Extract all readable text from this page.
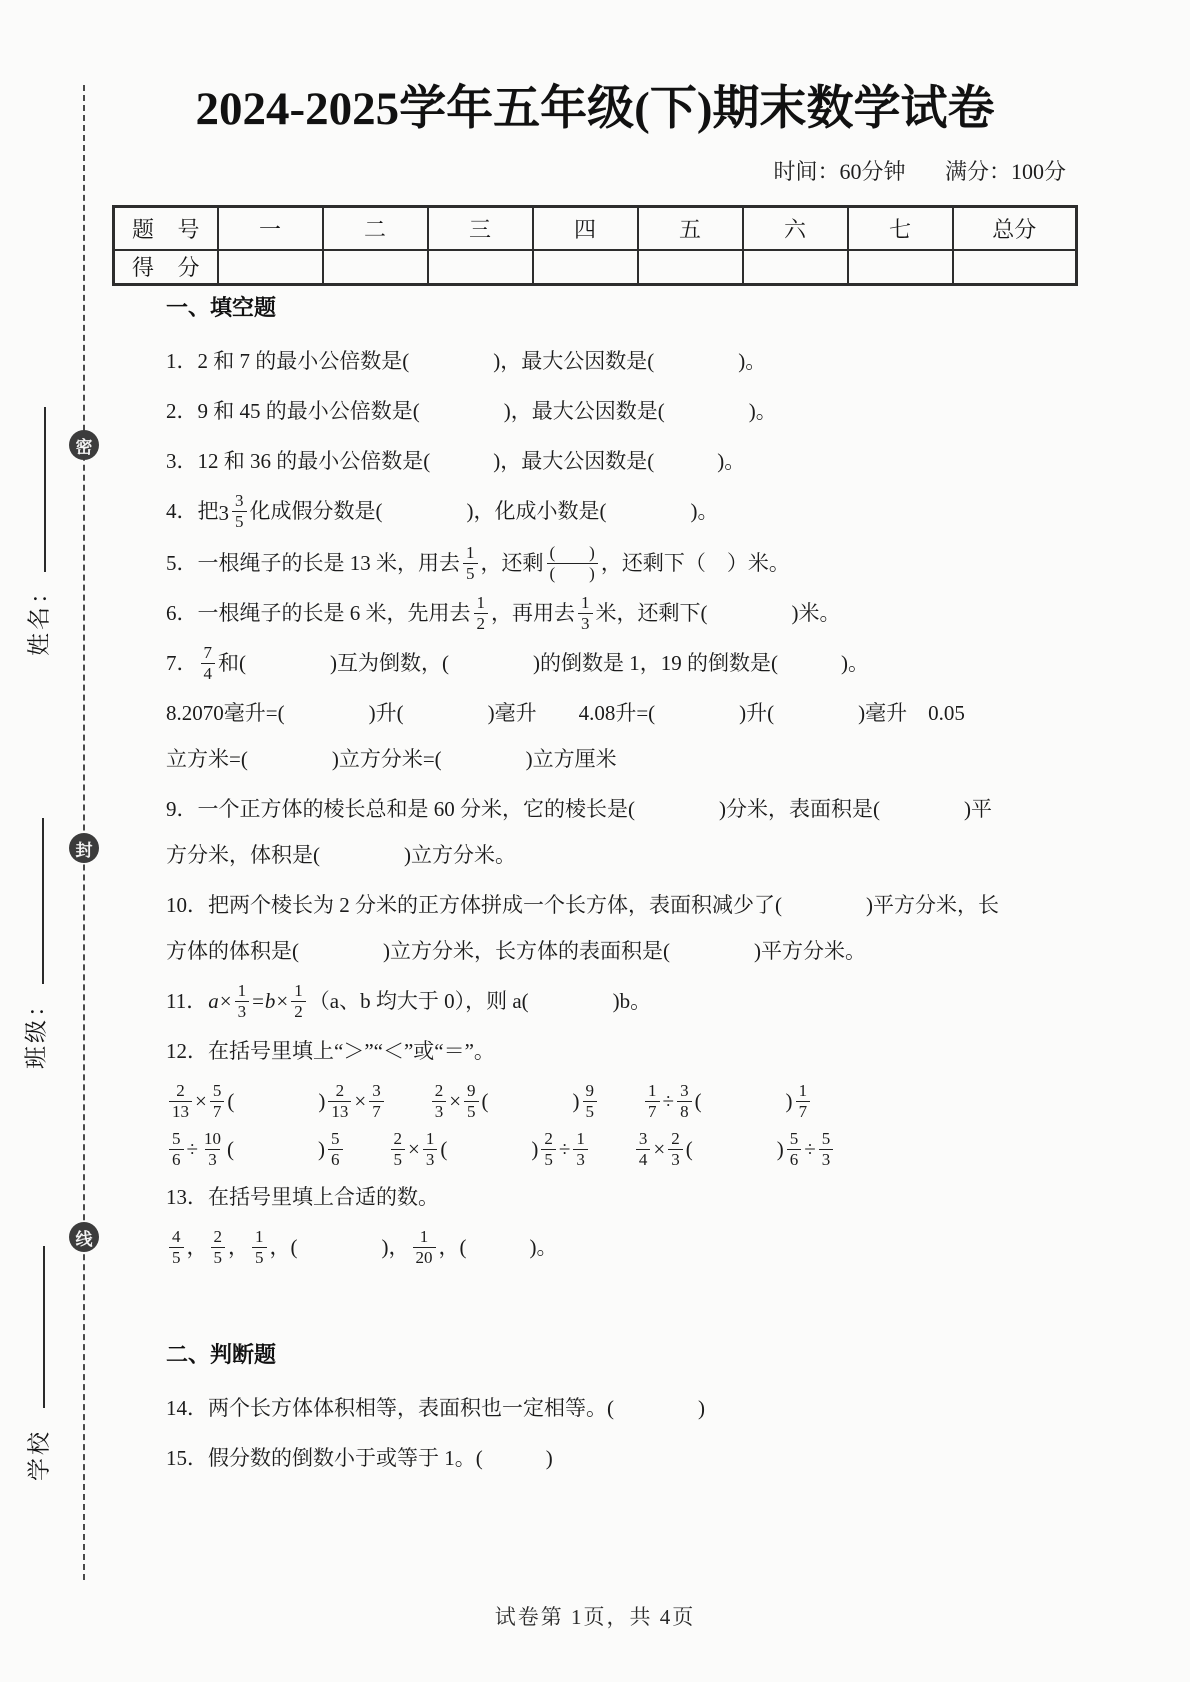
密
封
线
姓名：
班级：
学校
2024-2025学年五年级(下)期末数学试卷
时间：60分钟 满分：100分
题 号	一	二	三	四	五	六	七	总分
得 分								
一、填空题
1．2 和 7 的最小公倍数是(　　　　)，最大公因数是(　　　　)。
2．9 和 45 的最小公倍数是(　　　　)，最大公因数是(　　　　)。
3．12 和 36 的最小公倍数是(　　　)，最大公因数是(　　　)。
4．把 $3 \frac{3}{5}$ 化成假分数是(　　　　)，化成小数是(　　　　)。
5．一根绳子的长是 13 米，用去 $\frac{1}{5}$ ，还剩 $\frac{( )}{( )}$ ，还剩下（　）米。
6．一根绳子的长是 6 米，先用去 $\frac{1}{2}$ ，再用去 $\frac{1}{3}$ 米，还剩下(　　　　)米。
7． $\frac{7}{4}$ 和(　　　　)互为倒数，(　　　　)的倒数是 1，19 的倒数是(　　　)。
8.2070毫升=(　　　　)升(　　　　)毫升　　4.08升=(　　　　)升(　　　　)毫升　0.05
立方米=(　　　　)立方分米=(　　　　)立方厘米
9．一个正方体的棱长总和是 60 分米，它的棱长是(　　　　)分米，表面积是(　　　　)平
方分米，体积是(　　　　)立方分米。
10．把两个棱长为 2 分米的正方体拼成一个长方体，表面积减少了(　　　　)平方分米，长
方体的体积是(　　　　)立方分米，长方体的表面积是(　　　　)平方分米。
11．$a\times \frac{1}{3} =b\times \frac{1}{2} (a$、b 均大于 0），则 a(　　　　)b。
12．在括号里填上“＞”“＜”或“＝”。
$\frac{2}{13} \times \frac{5}{7}$ (　　　　) $\frac{2}{13} \times \frac{3}{7}$
　　	$\frac{2}{3} \times \frac{9}{5}$ (　　　　) $\frac{9}{5}$
　　	$\frac{1}{7} \div \frac{3}{8}$ (　　　　) $\frac{1}{7}$
$\frac{5}{6} \div \frac{10}{3}$ (　　　　) $\frac{5}{6}$
　　	$\frac{2}{5} \times \frac{1}{3}$ (　　　　) $\frac{2}{5} \div \frac{1}{3}$
　　	$\frac{3}{4} \times \frac{2}{3}$ (　　　　) $\frac{5}{6} \div \frac{5}{3}$
13．在括号里填上合适的数。
$\frac{4}{5}$ ， $\frac{2}{5}$ ， $\frac{1}{5}$ ，(　　　　)， $\frac{1}{20}$ ，(　　　)。
二、判断题
14．两个长方体体积相等，表面积也一定相等。(　　　　)
15．假分数的倒数小于或等于 1。(　　　)
试卷第 1页，共 4页
